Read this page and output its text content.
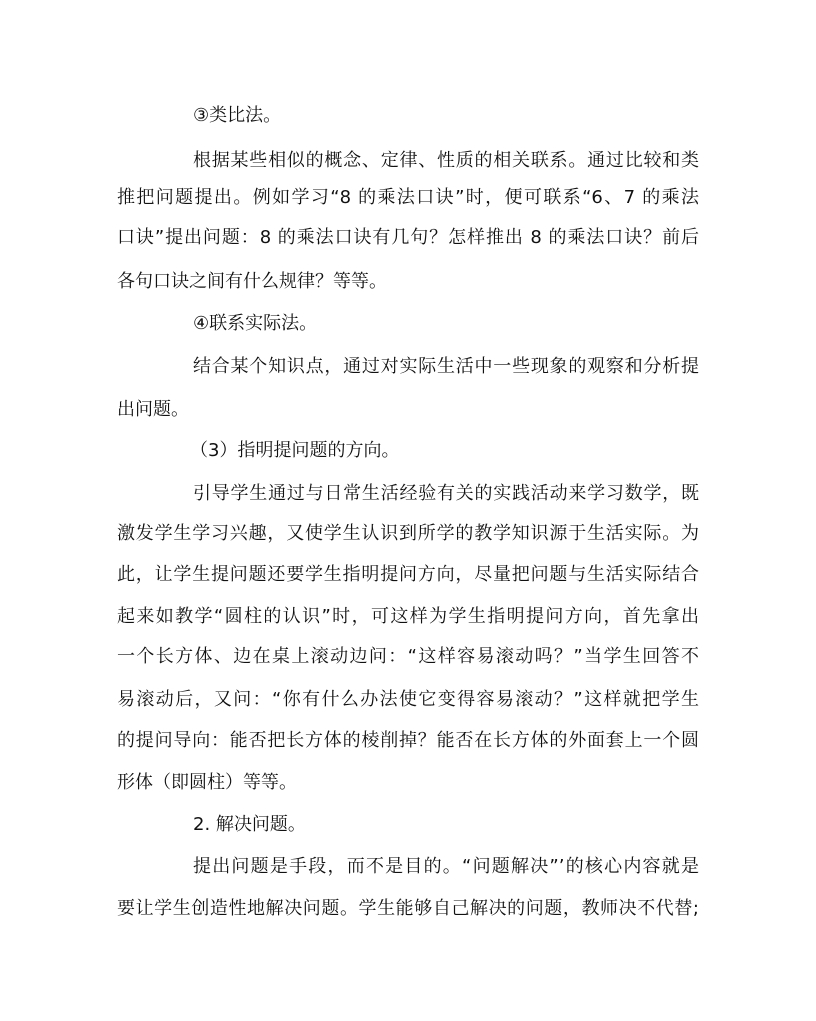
③类比法。
根据某些相似的概念、定律、性质的相关联系。通过比较和类
推把问题提出。例如学习“8 的乘法口诀”时，便可联系“6、7 的乘法
口诀”提出问题：8 的乘法口诀有几句？怎样推出 8 的乘法口诀？前后
各句口诀之间有什么规律？等等。
④联系实际法。
结合某个知识点，通过对实际生活中一些现象的观察和分析提
出问题。
（3）指明提问题的方向。
引导学生通过与日常生活经验有关的实践活动来学习数学，既
激发学生学习兴趣，又使学生认识到所学的教学知识源于生活实际。为
此，让学生提问题还要学生指明提问方向，尽量把问题与生活实际结合
起来如教学“圆柱的认识”时，可这样为学生指明提问方向，首先拿出
一个长方体、边在桌上滚动边问：“这样容易滚动吗？”当学生回答不
易滚动后，又问：“你有什么办法使它变得容易滚动？”这样就把学生
的提问导向：能否把长方体的棱削掉？能否在长方体的外面套上一个圆
形体（即圆柱）等等。
2. 解决问题。
提出问题是手段，而不是目的。“问题解决”’的核心内容就是
要让学生创造性地解决问题。学生能够自己解决的问题，教师决不代替;
